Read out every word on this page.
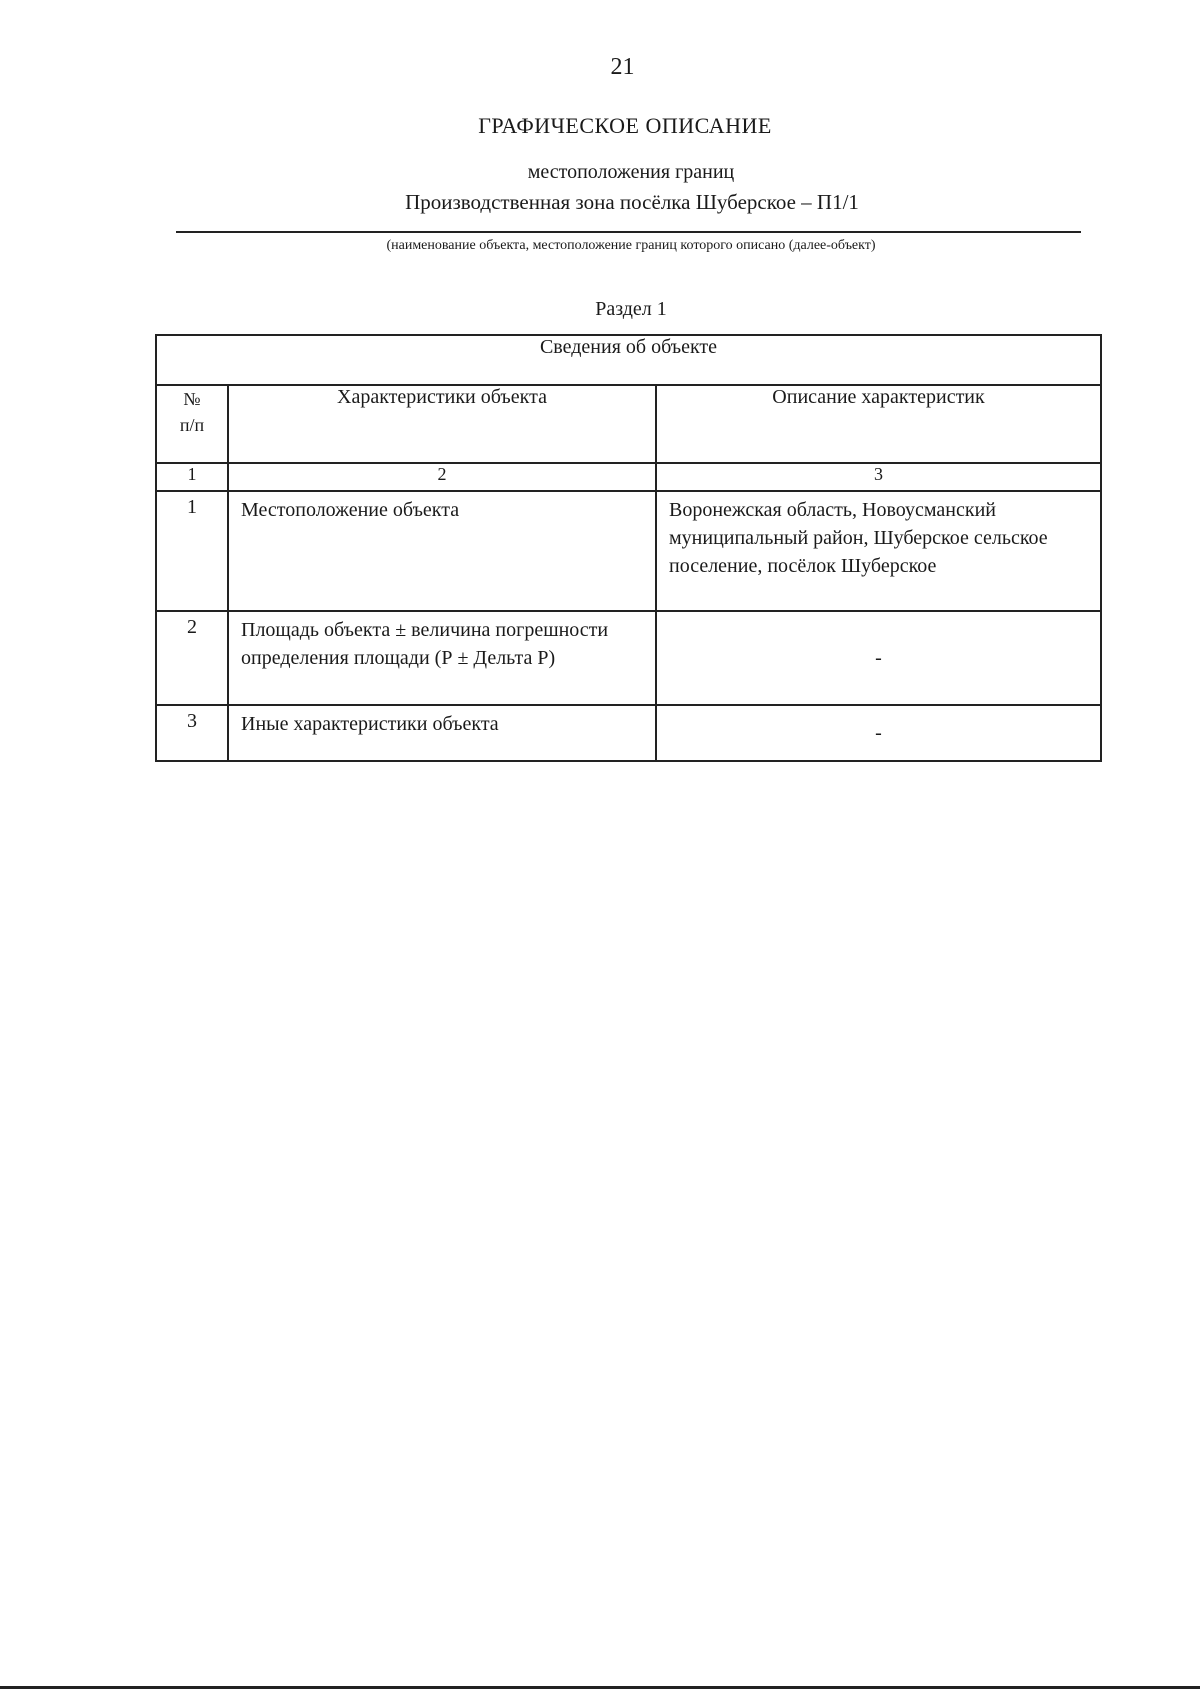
21
ГРАФИЧЕСКОЕ ОПИСАНИЕ
местоположения границ
Производственная зона посёлка Шуберское – П1/1
(наименование объекта, местоположение границ которого описано (далее-объект)
Раздел 1
Сведения об объекте		

№
п/п	Характеристики объекта	Описание характеристик
1	2	3

1	Местоположение объекта	Воронежская область, Новоусманский муниципальный район, Шуберское сельское поселение, посёлок Шуберское

2	Площадь объекта ± величина погрешности определения площади (Р ± Дельта Р)	-

3	Иные характеристики объекта	-
